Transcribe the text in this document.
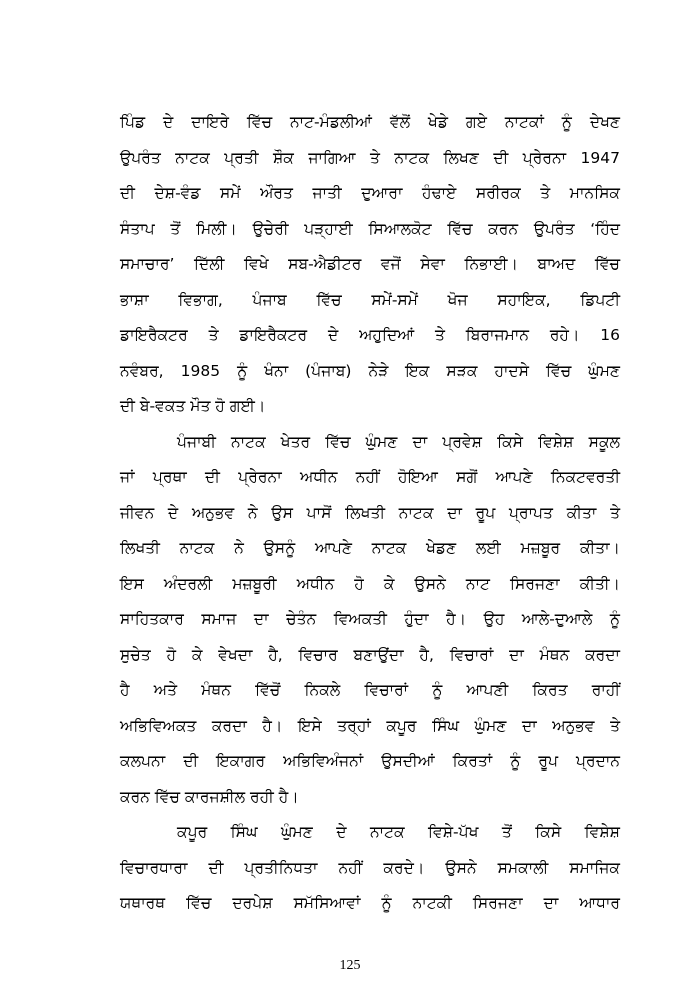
ਪਿੰਡ ਦੇ ਦਾਇਰੇ ਵਿੱਚ ਨਾਟ-ਮੰਡਲੀਆਂ ਵੱਲੋਂ ਖੇਡੇ ਗਏ ਨਾਟਕਾਂ ਨੂੰ ਦੇਖਣ
ਉਪਰੰਤ ਨਾਟਕ ਪ੍ਰਤੀ ਸ਼ੌਕ ਜਾਗਿਆ ਤੇ ਨਾਟਕ ਲਿਖਣ ਦੀ ਪ੍ਰੇਰਨਾ 1947
ਦੀ ਦੇਸ਼-ਵੰਡ ਸਮੇਂ ਔਰਤ ਜਾਤੀ ਦੁਆਰਾ ਹੰਢਾਏ ਸਰੀਰਕ ਤੇ ਮਾਨਸਿਕ
ਸੰਤਾਪ ਤੋਂ ਮਿਲੀ। ਉਚੇਰੀ ਪੜ੍ਹਾਈ ਸਿਆਲਕੋਟ ਵਿੱਚ ਕਰਨ ਉਪਰੰਤ ‘ਹਿੰਦ
ਸਮਾਚਾਰ’ ਦਿੱਲੀ ਵਿਖੇ ਸਬ-ਐਡੀਟਰ ਵਜੋਂ ਸੇਵਾ ਨਿਭਾਈ। ਬਾਅਦ ਵਿੱਚ
ਭਾਸ਼ਾ ਵਿਭਾਗ, ਪੰਜਾਬ ਵਿੱਚ ਸਮੇਂ-ਸਮੇਂ ਖੋਜ ਸਹਾਇਕ, ਡਿਪਟੀ
ਡਾਇਰੈਕਟਰ ਤੇ ਡਾਇਰੈਕਟਰ ਦੇ ਅਹੁਦਿਆਂ ਤੇ ਬਿਰਾਜਮਾਨ ਰਹੇ। 16
ਨਵੰਬਰ, 1985 ਨੂੰ ਖੰਨਾ (ਪੰਜਾਬ) ਨੇੜੇ ਇਕ ਸੜਕ ਹਾਦਸੇ ਵਿੱਚ ਘੁੰਮਣ
ਦੀ ਬੇ-ਵਕਤ ਮੌਤ ਹੋ ਗਈ।
ਪੰਜਾਬੀ ਨਾਟਕ ਖੇਤਰ ਵਿੱਚ ਘੁੰਮਣ ਦਾ ਪ੍ਰਵੇਸ਼ ਕਿਸੇ ਵਿਸ਼ੇਸ਼ ਸਕੂਲ
ਜਾਂ ਪ੍ਰਥਾ ਦੀ ਪ੍ਰੇਰਨਾ ਅਧੀਨ ਨਹੀਂ ਹੋਇਆ ਸਗੋਂ ਆਪਣੇ ਨਿਕਟਵਰਤੀ
ਜੀਵਨ ਦੇ ਅਨੁਭਵ ਨੇ ਉਸ ਪਾਸੋਂ ਲਿਖਤੀ ਨਾਟਕ ਦਾ ਰੂਪ ਪ੍ਰਾਪਤ ਕੀਤਾ ਤੇ
ਲਿਖਤੀ ਨਾਟਕ ਨੇ ਉਸਨੂੰ ਆਪਣੇ ਨਾਟਕ ਖੇਡਣ ਲਈ ਮਜ਼ਬੂਰ ਕੀਤਾ।
ਇਸ ਅੰਦਰਲੀ ਮਜ਼ਬੂਰੀ ਅਧੀਨ ਹੋ ਕੇ ਉਸਨੇ ਨਾਟ ਸਿਰਜਣਾ ਕੀਤੀ।
ਸਾਹਿਤਕਾਰ ਸਮਾਜ ਦਾ ਚੇਤੰਨ ਵਿਅਕਤੀ ਹੁੰਦਾ ਹੈ। ਉਹ ਆਲੇ-ਦੁਆਲੇ ਨੂੰ
ਸੁਚੇਤ ਹੋ ਕੇ ਵੇਖਦਾ ਹੈ, ਵਿਚਾਰ ਬਣਾਉਂਦਾ ਹੈ, ਵਿਚਾਰਾਂ ਦਾ ਮੰਥਨ ਕਰਦਾ
ਹੈ ਅਤੇ ਮੰਥਨ ਵਿੱਚੋਂ ਨਿਕਲੇ ਵਿਚਾਰਾਂ ਨੂੰ ਆਪਣੀ ਕਿਰਤ ਰਾਹੀਂ
ਅਭਿਵਿਅਕਤ ਕਰਦਾ ਹੈ। ਇਸੇ ਤਰ੍ਹਾਂ ਕਪੂਰ ਸਿੰਘ ਘੁੰਮਣ ਦਾ ਅਨੁਭਵ ਤੇ
ਕਲਪਨਾ ਦੀ ਇਕਾਗਰ ਅਭਿਵਿਅੰਜਨਾਂ ਉਸਦੀਆਂ ਕਿਰਤਾਂ ਨੂੰ ਰੂਪ ਪ੍ਰਦਾਨ
ਕਰਨ ਵਿੱਚ ਕਾਰਜਸ਼ੀਲ ਰਹੀ ਹੈ।
ਕਪੂਰ ਸਿੰਘ ਘੁੰਮਣ ਦੇ ਨਾਟਕ ਵਿਸ਼ੇ-ਪੱਖ ਤੋਂ ਕਿਸੇ ਵਿਸ਼ੇਸ਼
ਵਿਚਾਰਧਾਰਾ ਦੀ ਪ੍ਰਤੀਨਿਧਤਾ ਨਹੀਂ ਕਰਦੇ। ਉਸਨੇ ਸਮਕਾਲੀ ਸਮਾਜਿਕ
ਯਥਾਰਥ ਵਿੱਚ ਦਰਪੇਸ਼ ਸਮੱਸਿਆਵਾਂ ਨੂੰ ਨਾਟਕੀ ਸਿਰਜਣਾ ਦਾ ਆਧਾਰ
125
